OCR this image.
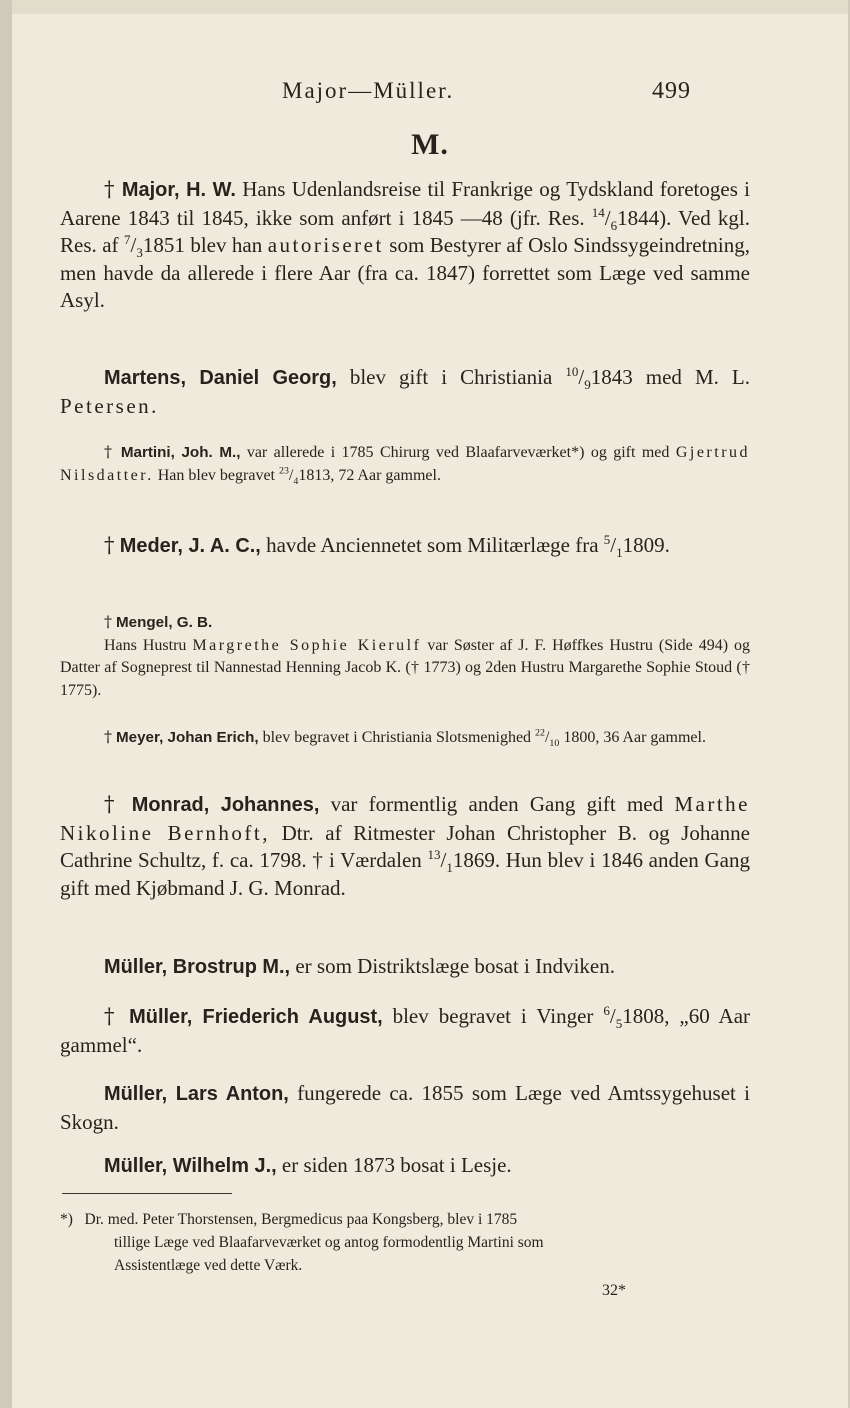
Major—Müller.	499
M.
† Major, H. W. Hans Udenlandsreise til Frankrige og Tydskland foretoges i Aarene 1843 til 1845, ikke som anført i 1845 —48 (jfr. Res. $^{14}/_61844$). Ved kgl. Res. af $^7/_31851$ blev han autoriseret som Bestyrer af Oslo Sindssygeindretning, men havde da allerede i flere Aar (fra ca. 1847) forrettet som Læge ved samme Asyl.
Martens, Daniel Georg, blev gift i Christiania $^{10}/_91843$ med M. L. Petersen.
† Martini, Joh. M., var allerede i 1785 Chirurg ved Blaafarveværket*) og gift med Gjertrud Nilsdatter. Han blev begravet $^{23}/_41813$, 72 Aar gammel.
† Meder, J. A. C., havde Anciennetet som Militærlæge fra $^5/_11809$.
† Mengel, G. B.
Hans Hustru Margrethe Sophie Kierulf var Søster af J. F. Høffkes Hustru (Side 494) og Datter af Sogneprest til Nannestad Henning Jacob K. († 1773) og 2den Hustru Margarethe Sophie Stoud († 1775).
† Meyer, Johan Erich, blev begravet i Christiania Slotsmenighed $^{22}/_{10}$ 1800, 36 Aar gammel.
† Monrad, Johannes, var formentlig anden Gang gift med Marthe Nikoline Bernhoft, Dtr. af Ritmester Johan Christopher B. og Johanne Cathrine Schultz, f. ca. 1798. † i Værdalen $^{13}/_11869$. Hun blev i 1846 anden Gang gift med Kjøbmand J. G. Monrad.
Müller, Brostrup M., er som Distriktslæge bosat i Indviken.
† Müller, Friederich August, blev begravet i Vinger $^6/_51808$, „60 Aar gammel“.
Müller, Lars Anton, fungerede ca. 1855 som Læge ved Amtssygehuset i Skogn.
Müller, Wilhelm J., er siden 1873 bosat i Lesje.
*) Dr. med. Peter Thorstensen, Bergmedicus paa Kongsberg, blev i 1785
tillige Læge ved Blaafarveværket og antog formodentlig Martini som
Assistentlæge ved dette Værk.
32*
